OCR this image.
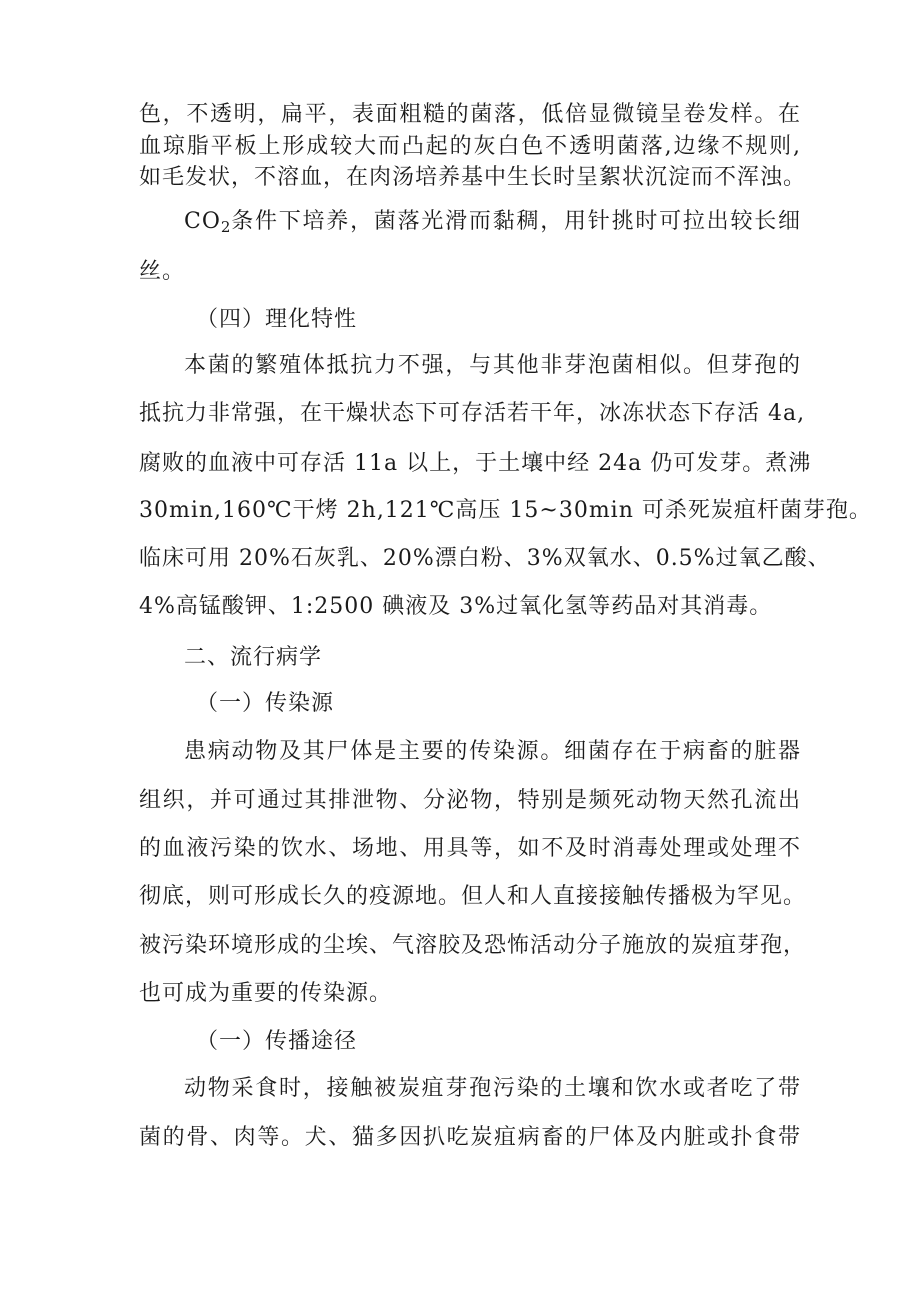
色，不透明，扁平，表面粗糙的菌落，低倍显微镜呈卷发样。在
血琼脂平板上形成较大而凸起的灰白色不透明菌落,边缘不规则,
如毛发状，不溶血，在肉汤培养基中生长时呈絮状沉淀而不浑浊。
$CO_2$条件下培养，菌落光滑而黏稠，用针挑时可拉出较长细
丝。
（四）理化特性
本菌的繁殖体抵抗力不强，与其他非芽泡菌相似。但芽孢的
抵抗力非常强，在干燥状态下可存活若干年，冰冻状态下存活 4a,
腐败的血液中可存活 11a 以上，于土壤中经 24a 仍可发芽。煮沸
30min,160℃干烤 2h,121℃高压 15~30min 可杀死炭疽杆菌芽孢。
临床可用 20%石灰乳、20%漂白粉、3%双氧水、0.5%过氧乙酸、
4%高锰酸钾、1:2500 碘液及 3%过氧化氢等药品对其消毒。
二、流行病学
（一）传染源
患病动物及其尸体是主要的传染源。细菌存在于病畜的脏器
组织，并可通过其排泄物、分泌物，特别是频死动物天然孔流出
的血液污染的饮水、场地、用具等，如不及时消毒处理或处理不
彻底，则可形成长久的疫源地。但人和人直接接触传播极为罕见。
被污染环境形成的尘埃、气溶胶及恐怖活动分子施放的炭疽芽孢，
也可成为重要的传染源。
（一）传播途径
动物采食时，接触被炭疽芽孢污染的土壤和饮水或者吃了带
菌的骨、肉等。犬、猫多因扒吃炭疽病畜的尸体及内脏或扑食带
